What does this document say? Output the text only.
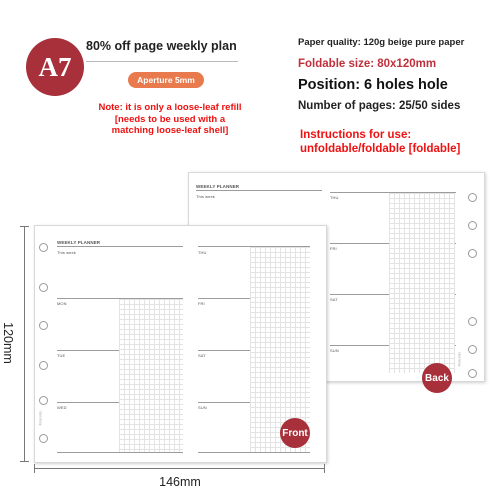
A7
80% off page weekly plan
Aperture 5mm
Note: it is only a loose-leaf refill
[needs to be used with a
matching loose-leaf shell]
Paper quality: 120g beige pure paper
Foldable size: 80x120mm
Position: 6 holes hole
Number of pages: 25/50 sides
Instructions for use:
unfoldable/foldable [foldable]
WEEKLY PLANNER
This week	THU
FRI
SAT
SUN
Moleside
Back
WEEKLY PLANNER
This week
MON
TUE
WED
THU
FRI
SAT
SUN
Moleside
Front
120mm
146mm
